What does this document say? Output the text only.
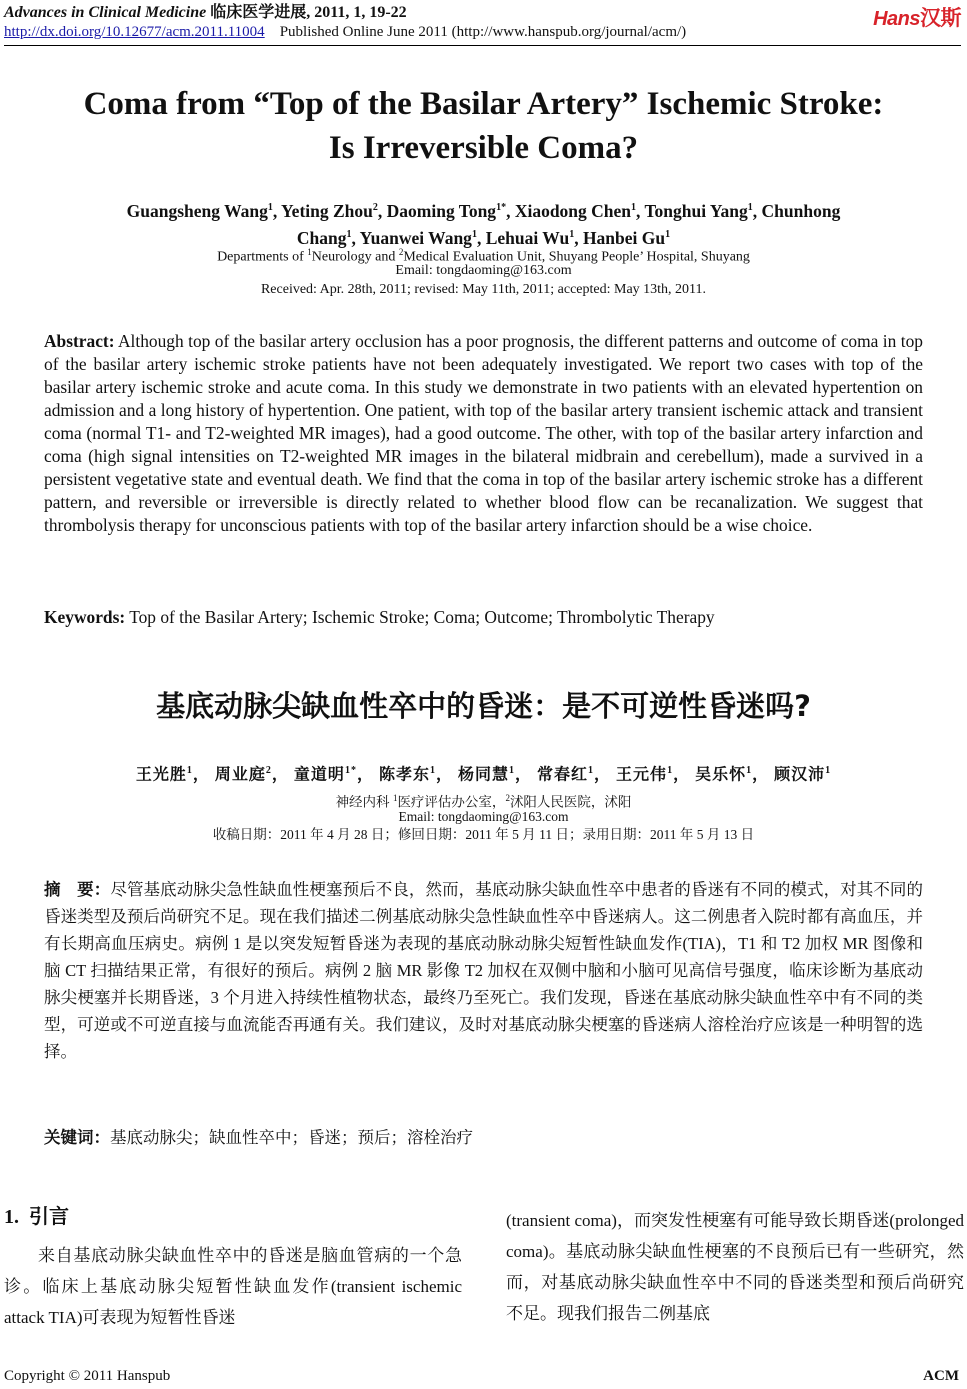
Advances in Clinical Medicine 临床医学进展, 2011, 1, 19-22
http://dx.doi.org/10.12677/acm.2011.11004 Published Online June 2011 (http://www.hanspub.org/journal/acm/)
Hans汉斯
Coma from “Top of the Basilar Artery” Ischemic Stroke:
Is Irreversible Coma?
Guangsheng Wang$^1$, Yeting Zhou$^2$, Daoming Tong$^{1*}$, Xiaodong Chen$^1$, Tonghui Yang$^1$, Chunhong
Chang$^1$, Yuanwei Wang$^1$, Lehuai Wu$^1$, Hanbei Gu$^1$
Departments of $^1$Neurology and $^2$Medical Evaluation Unit, Shuyang People’ Hospital, Shuyang
Email: tongdaoming@163.com
Received: Apr. 28th, 2011; revised: May 11th, 2011; accepted: May 13th, 2011.
Abstract: Although top of the basilar artery occlusion has a poor prognosis, the different patterns and outcome of coma in top of the basilar artery ischemic stroke patients have not been adequately investigated. We report two cases with top of the basilar artery ischemic stroke and acute coma. In this study we demonstrate in two patients with an elevated hypertention on admission and a long history of hypertention. One patient, with top of the basilar artery transient ischemic attack and transient coma (normal T1- and T2-weighted MR images), had a good outcome. The other, with top of the basilar artery infarction and coma (high signal intensities on T2-weighted MR images in the bilateral midbrain and cerebellum), made a survived in a persistent vegetative state and eventual death. We find that the coma in top of the basilar artery ischemic stroke has a different pattern, and reversible or irreversible is directly related to whether blood flow can be recanalization. We suggest that thrombolysis therapy for unconscious patients with top of the basilar artery infarction should be a wise choice.
Keywords: Top of the Basilar Artery; Ischemic Stroke; Coma; Outcome; Thrombolytic Therapy
基底动脉尖缺血性卒中的昏迷：是不可逆性昏迷吗?
王光胜$^1$， 周业庭$^2$， 童道明$^{1*}$， 陈孝东$^1$， 杨同慧$^1$， 常春红$^1$， 王元伟$^1$， 吴乐怀$^1$， 顾汉沛$^1$
神经内科 $^1$医疗评估办公室，$^2$沭阳人民医院，沭阳
Email: tongdaoming@163.com
收稿日期：2011 年 4 月 28 日；修回日期：2011 年 5 月 11 日；录用日期：2011 年 5 月 13 日
摘　要：尽管基底动脉尖急性缺血性梗塞预后不良，然而，基底动脉尖缺血性卒中患者的昏迷有不同的模式，对其不同的昏迷类型及预后尚研究不足。现在我们描述二例基底动脉尖急性缺血性卒中昏迷病人。这二例患者入院时都有高血压，并有长期高血压病史。病例 1 是以突发短暂昏迷为表现的基底动脉动脉尖短暂性缺血发作(TIA)，T1 和 T2 加权 MR 图像和脑 CT 扫描结果正常，有很好的预后。病例 2 脑 MR 影像 T2 加权在双侧中脑和小脑可见高信号强度，临床诊断为基底动脉尖梗塞并长期昏迷，3 个月进入持续性植物状态，最终乃至死亡。我们发现，昏迷在基底动脉尖缺血性卒中有不同的类型，可逆或不可逆直接与血流能否再通有关。我们建议，及时对基底动脉尖梗塞的昏迷病人溶栓治疗应该是一种明智的选择。
关键词：基底动脉尖；缺血性卒中；昏迷；预后；溶栓治疗
1. 引言
来自基底动脉尖缺血性卒中的昏迷是脑血管病的一个急诊。临床上基底动脉尖短暂性缺血发作(transient ischemic attack TIA)可表现为短暂性昏迷
(transient coma)，而突发性梗塞有可能导致长期昏迷(prolonged coma)。基底动脉尖缺血性梗塞的不良预后已有一些研究，然而，对基底动脉尖缺血性卒中不同的昏迷类型和预后尚研究不足。现我们报告二例基底
Copyright © 2011 Hanspub	ACM
